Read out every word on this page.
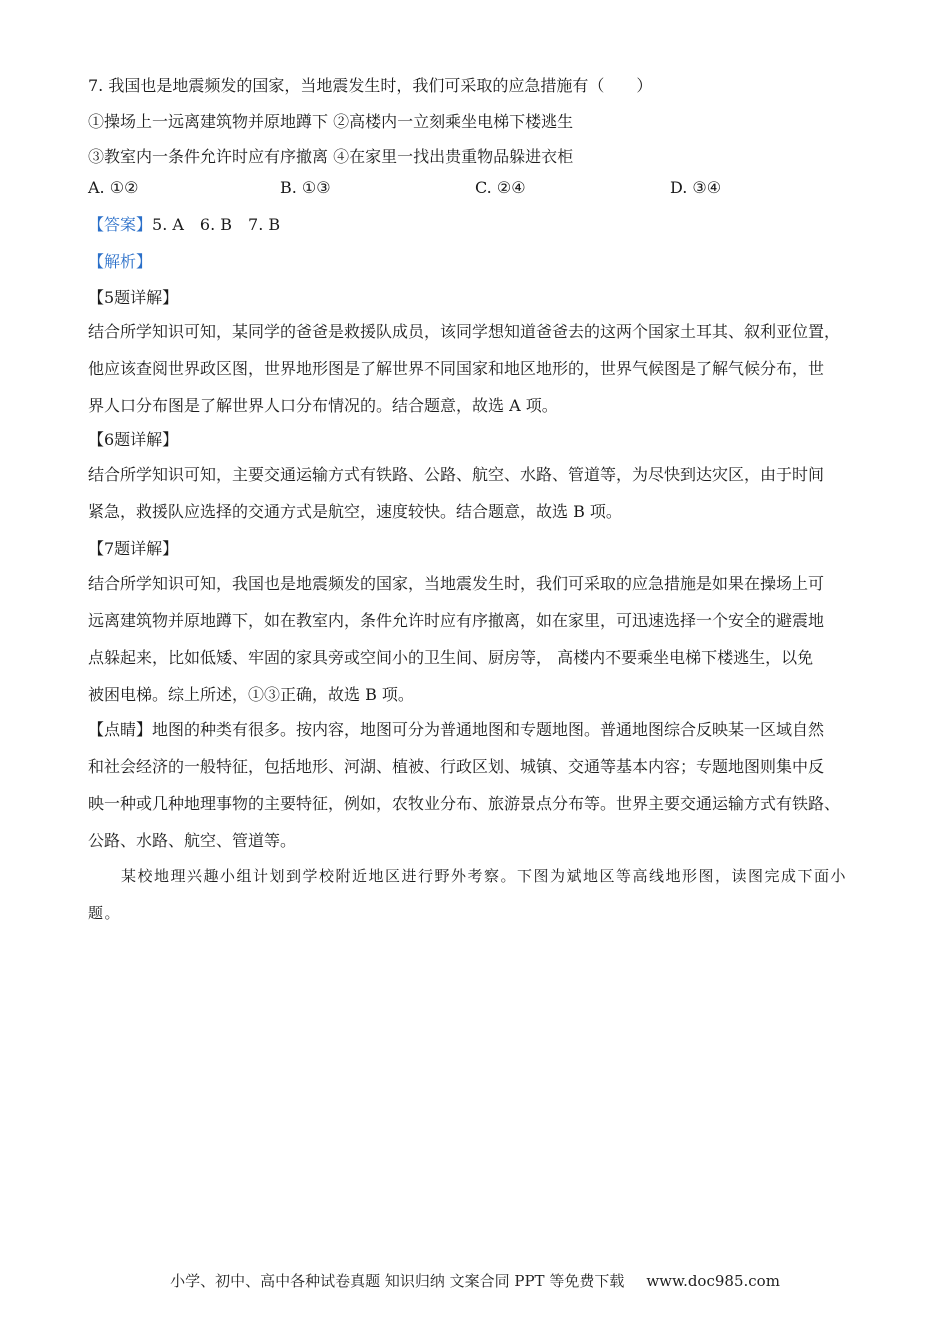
7. 我国也是地震频发的国家，当地震发生时，我们可采取的应急措施有（　　）
①操场上一远离建筑物并原地蹲下 ②高楼内一立刻乘坐电梯下楼逃生
③教室内一条件允许时应有序撤离 ④在家里一找出贵重物品躲进衣柜
A. ①②	B. ①③	C. ②④	D. ③④
【答案】5. A　6. B　7. B
【解析】
【5题详解】
结合所学知识可知，某同学的爸爸是救援队成员，该同学想知道爸爸去的这两个国家土耳其、叙利亚位置，
他应该查阅世界政区图，世界地形图是了解世界不同国家和地区地形的，世界气候图是了解气候分布，世
界人口分布图是了解世界人口分布情况的。结合题意，故选 A 项。
【6题详解】
结合所学知识可知，主要交通运输方式有铁路、公路、航空、水路、管道等，为尽快到达灾区，由于时间
紧急，救援队应选择的交通方式是航空，速度较快。结合题意，故选 B 项。
【7题详解】
结合所学知识可知，我国也是地震频发的国家，当地震发生时，我们可采取的应急措施是如果在操场上可
远离建筑物并原地蹲下，如在教室内，条件允许时应有序撤离，如在家里，可迅速选择一个安全的避震地
点躲起来，比如低矮、牢固的家具旁或空间小的卫生间、厨房等， 高楼内不要乘坐电梯下楼逃生，以免
被困电梯。综上所述，①③正确，故选 B 项。
【点睛】地图的种类有很多。按内容，地图可分为普通地图和专题地图。普通地图综合反映某一区域自然
和社会经济的一般特征，包括地形、河湖、植被、行政区划、城镇、交通等基本内容；专题地图则集中反
映一种或几种地理事物的主要特征，例如，农牧业分布、旅游景点分布等。世界主要交通运输方式有铁路、
公路、水路、航空、管道等。
　　某校地理兴趣小组计划到学校附近地区进行野外考察。下图为斌地区等高线地形图，读图完成下面小
题。
小学、初中、高中各种试卷真题 知识归纳 文案合同 PPT 等免费下载 www.doc985.com
